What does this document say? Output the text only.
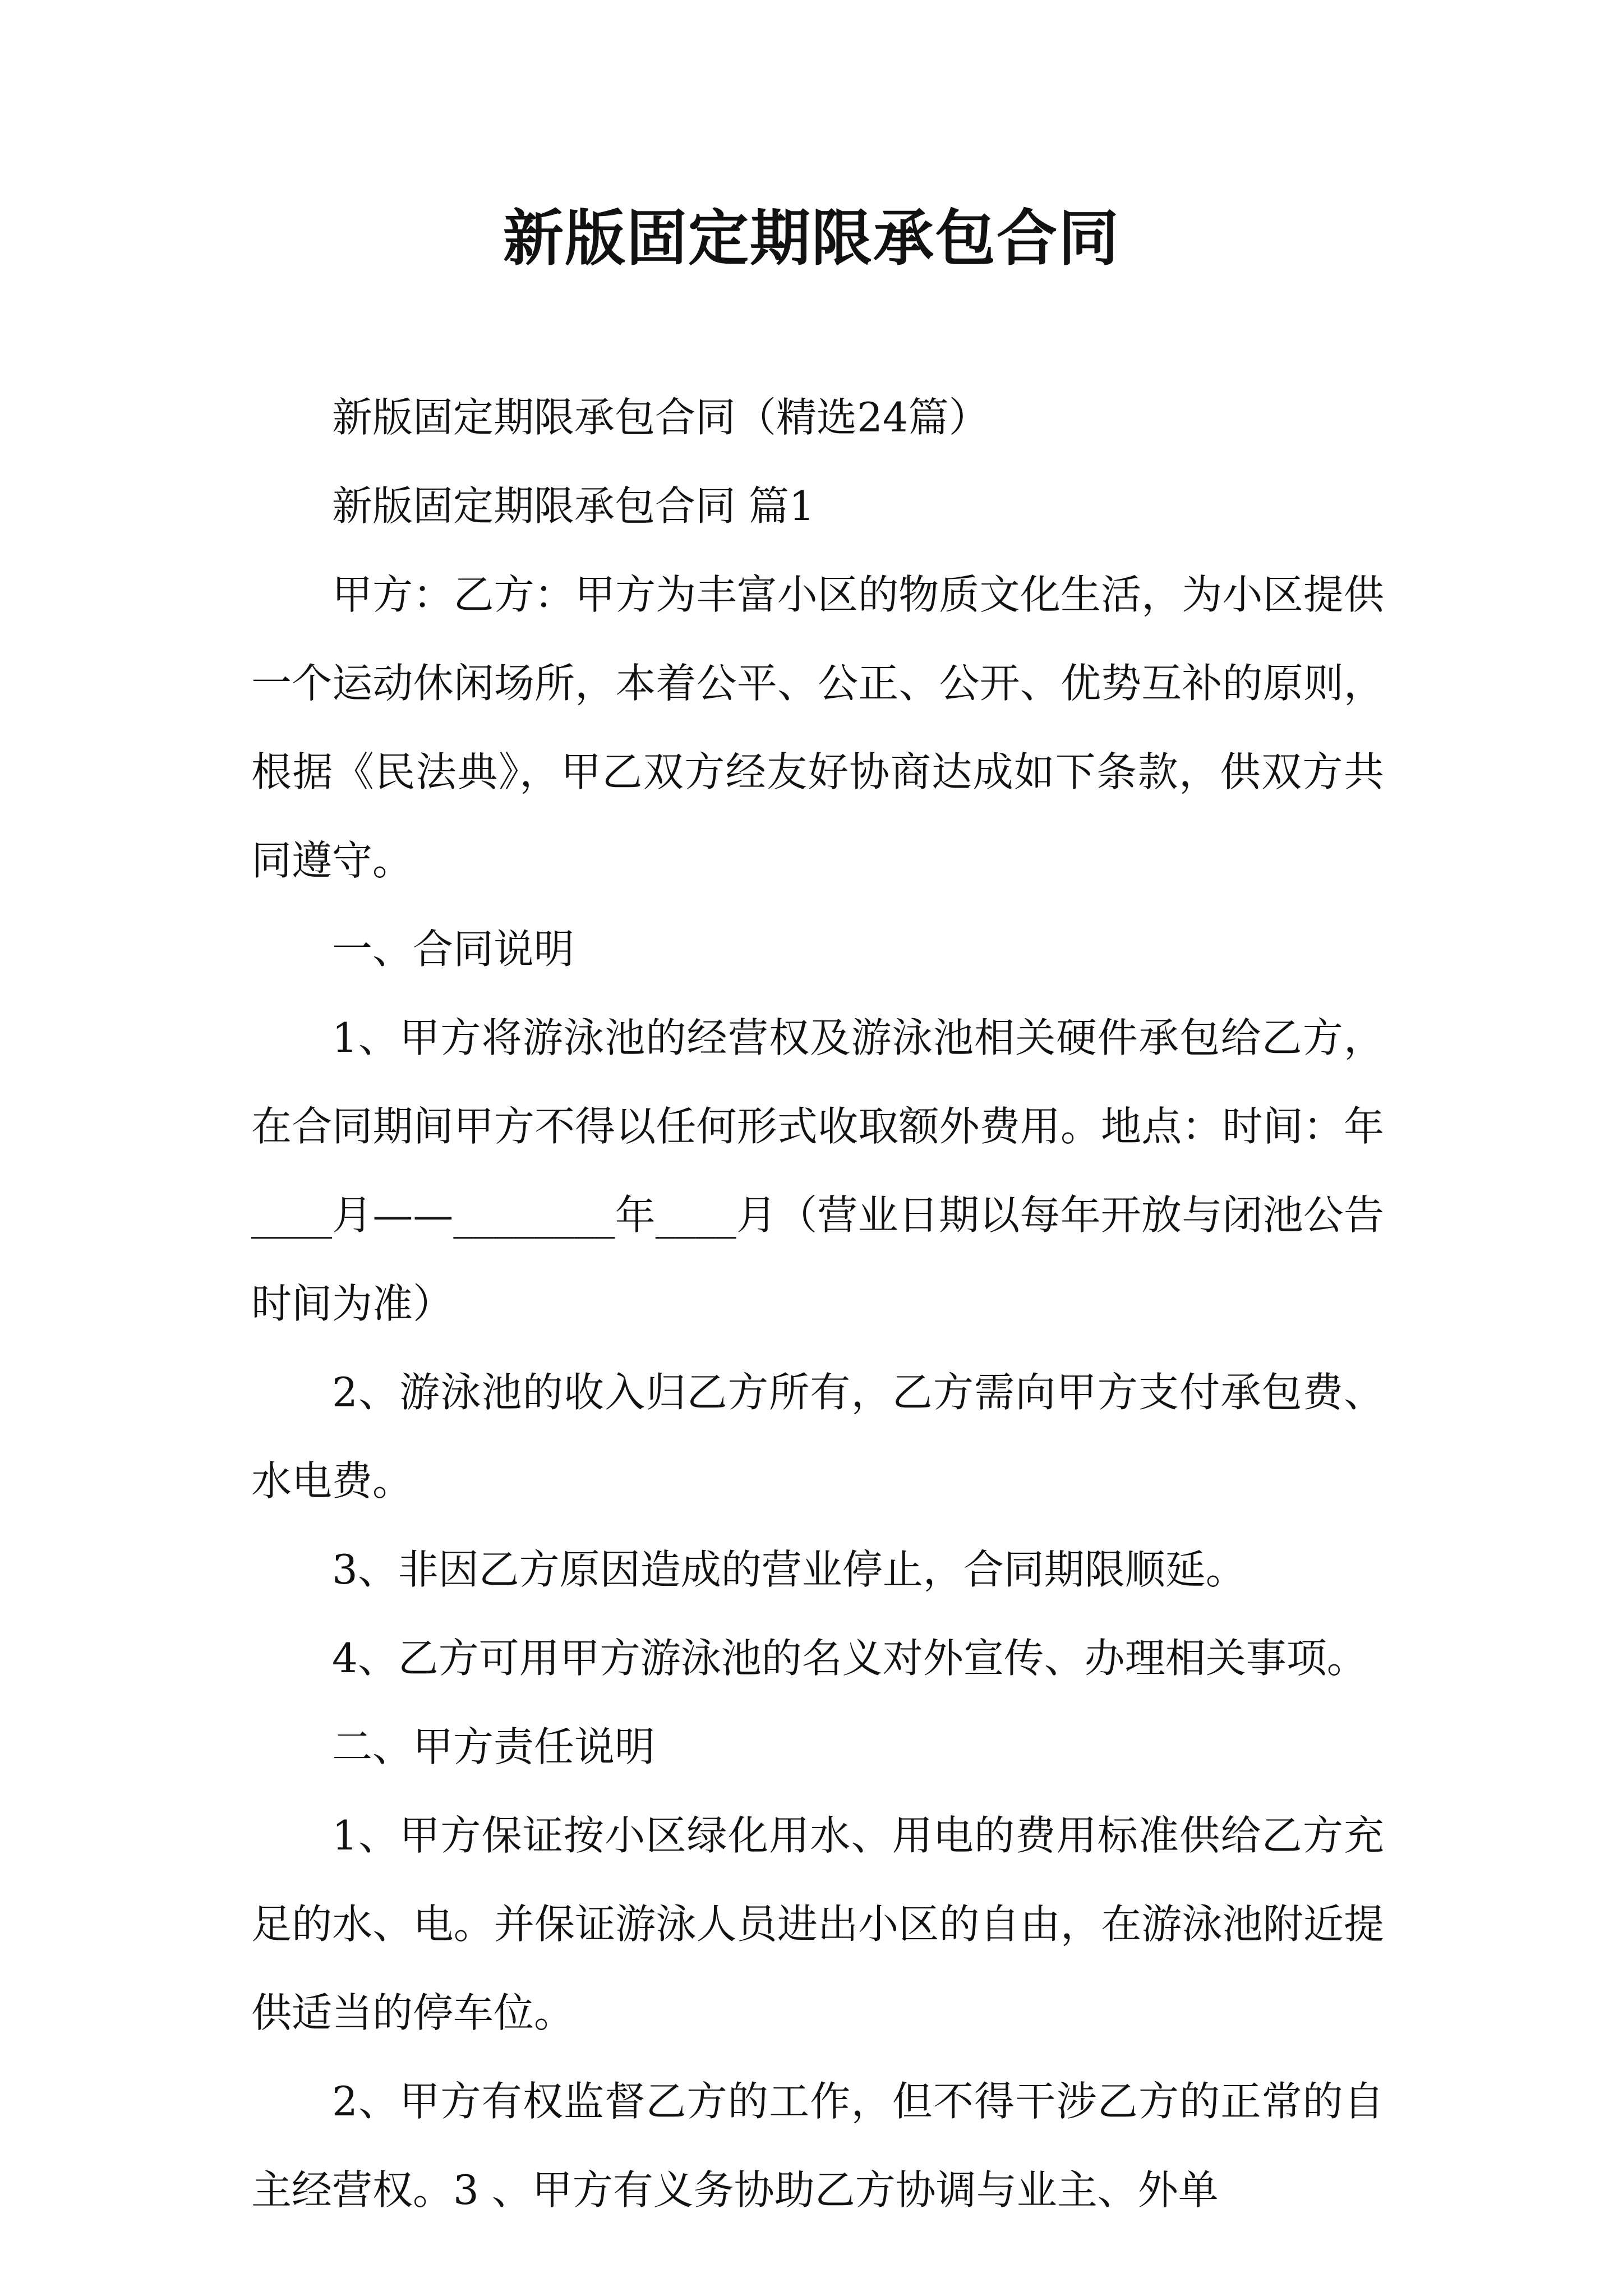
新版固定期限承包合同

新版固定期限承包合同（精选24篇）

新版固定期限承包合同 篇1

甲方：乙方：甲方为丰富小区的物质文化生活，为小区提供一个运动休闲场所，本着公平、公正、公开、优势互补的原则，根据《民法典》，甲乙双方经友好协商达成如下条款，供双方共同遵守。

一、合同说明

1、甲方将游泳池的经营权及游泳池相关硬件承包给乙方，在合同期间甲方不得以任何形式收取额外费用。地点：时间：年____月——________年____月（营业日期以每年开放与闭池公告时间为准）

2、游泳池的收入归乙方所有，乙方需向甲方支付承包费、水电费。

3、非因乙方原因造成的营业停止，合同期限顺延。

4、乙方可用甲方游泳池的名义对外宣传、办理相关事项。

二、甲方责任说明

1、甲方保证按小区绿化用水、用电的费用标准供给乙方充足的水、电。并保证游泳人员进出小区的自由，在游泳池附近提供适当的停车位。

2、甲方有权监督乙方的工作，但不得干涉乙方的正常的自主经营权。3 、甲方有义务协助乙方协调与业主、外单
